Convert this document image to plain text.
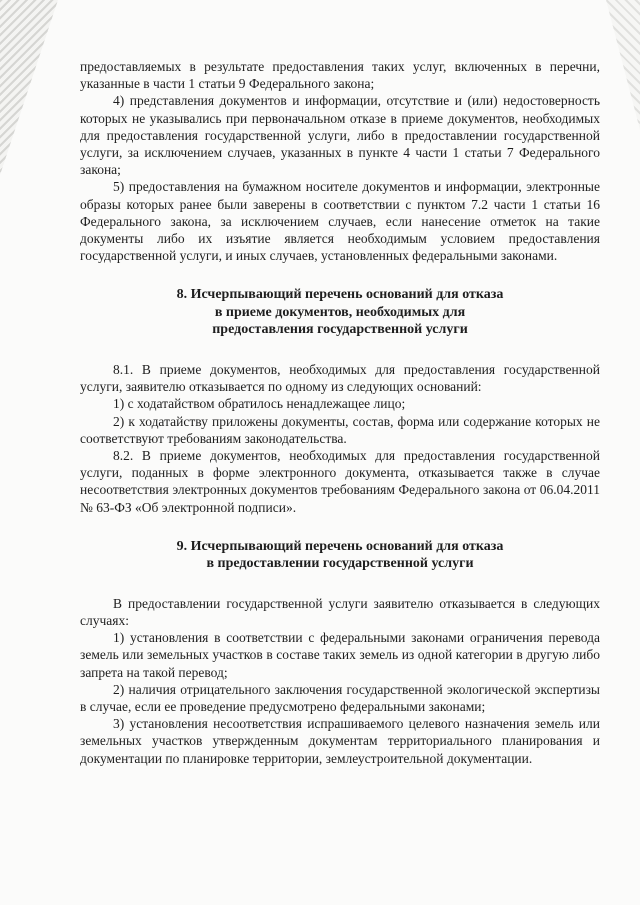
предоставляемых в результате предоставления таких услуг, включенных в перечни, указанные в части 1 статьи 9 Федерального закона;

4) представления документов и информации, отсутствие и (или) недостоверность которых не указывались при первоначальном отказе в приеме документов, необходимых для предоставления государственной услуги, либо в предоставлении государственной услуги, за исключением случаев, указанных в пункте 4 части 1 статьи 7 Федерального закона;

5) предоставления на бумажном носителе документов и информации, электронные образы которых ранее были заверены в соответствии с пунктом 7.2 части 1 статьи 16 Федерального закона, за исключением случаев, если нанесение отметок на такие документы либо их изъятие является необходимым условием предоставления государственной услуги, и иных случаев, установленных федеральными законами.

8. Исчерпывающий перечень оснований для отказа
в приеме документов, необходимых для
предоставления государственной услуги

8.1. В приеме документов, необходимых для предоставления государственной услуги, заявителю отказывается по одному из следующих оснований:

1) с ходатайством обратилось ненадлежащее лицо;

2) к ходатайству приложены документы, состав, форма или содержание которых не соответствуют требованиям законодательства.

8.2. В приеме документов, необходимых для предоставления государственной услуги, поданных в форме электронного документа, отказывается также в случае несоответствия электронных документов требованиям Федерального закона от 06.04.2011 № 63-ФЗ «Об электронной подписи».

9. Исчерпывающий перечень оснований для отказа
в предоставлении государственной услуги

В предоставлении государственной услуги заявителю отказывается в следующих случаях:

1) установления в соответствии с федеральными законами ограничения перевода земель или земельных участков в составе таких земель из одной категории в другую либо запрета на такой перевод;

2) наличия отрицательного заключения государственной экологической экспертизы в случае, если ее проведение предусмотрено федеральными законами;

3) установления несоответствия испрашиваемого целевого назначения земель или земельных участков утвержденным документам территориального планирования и документации по планировке территории, землеустроительной документации.
